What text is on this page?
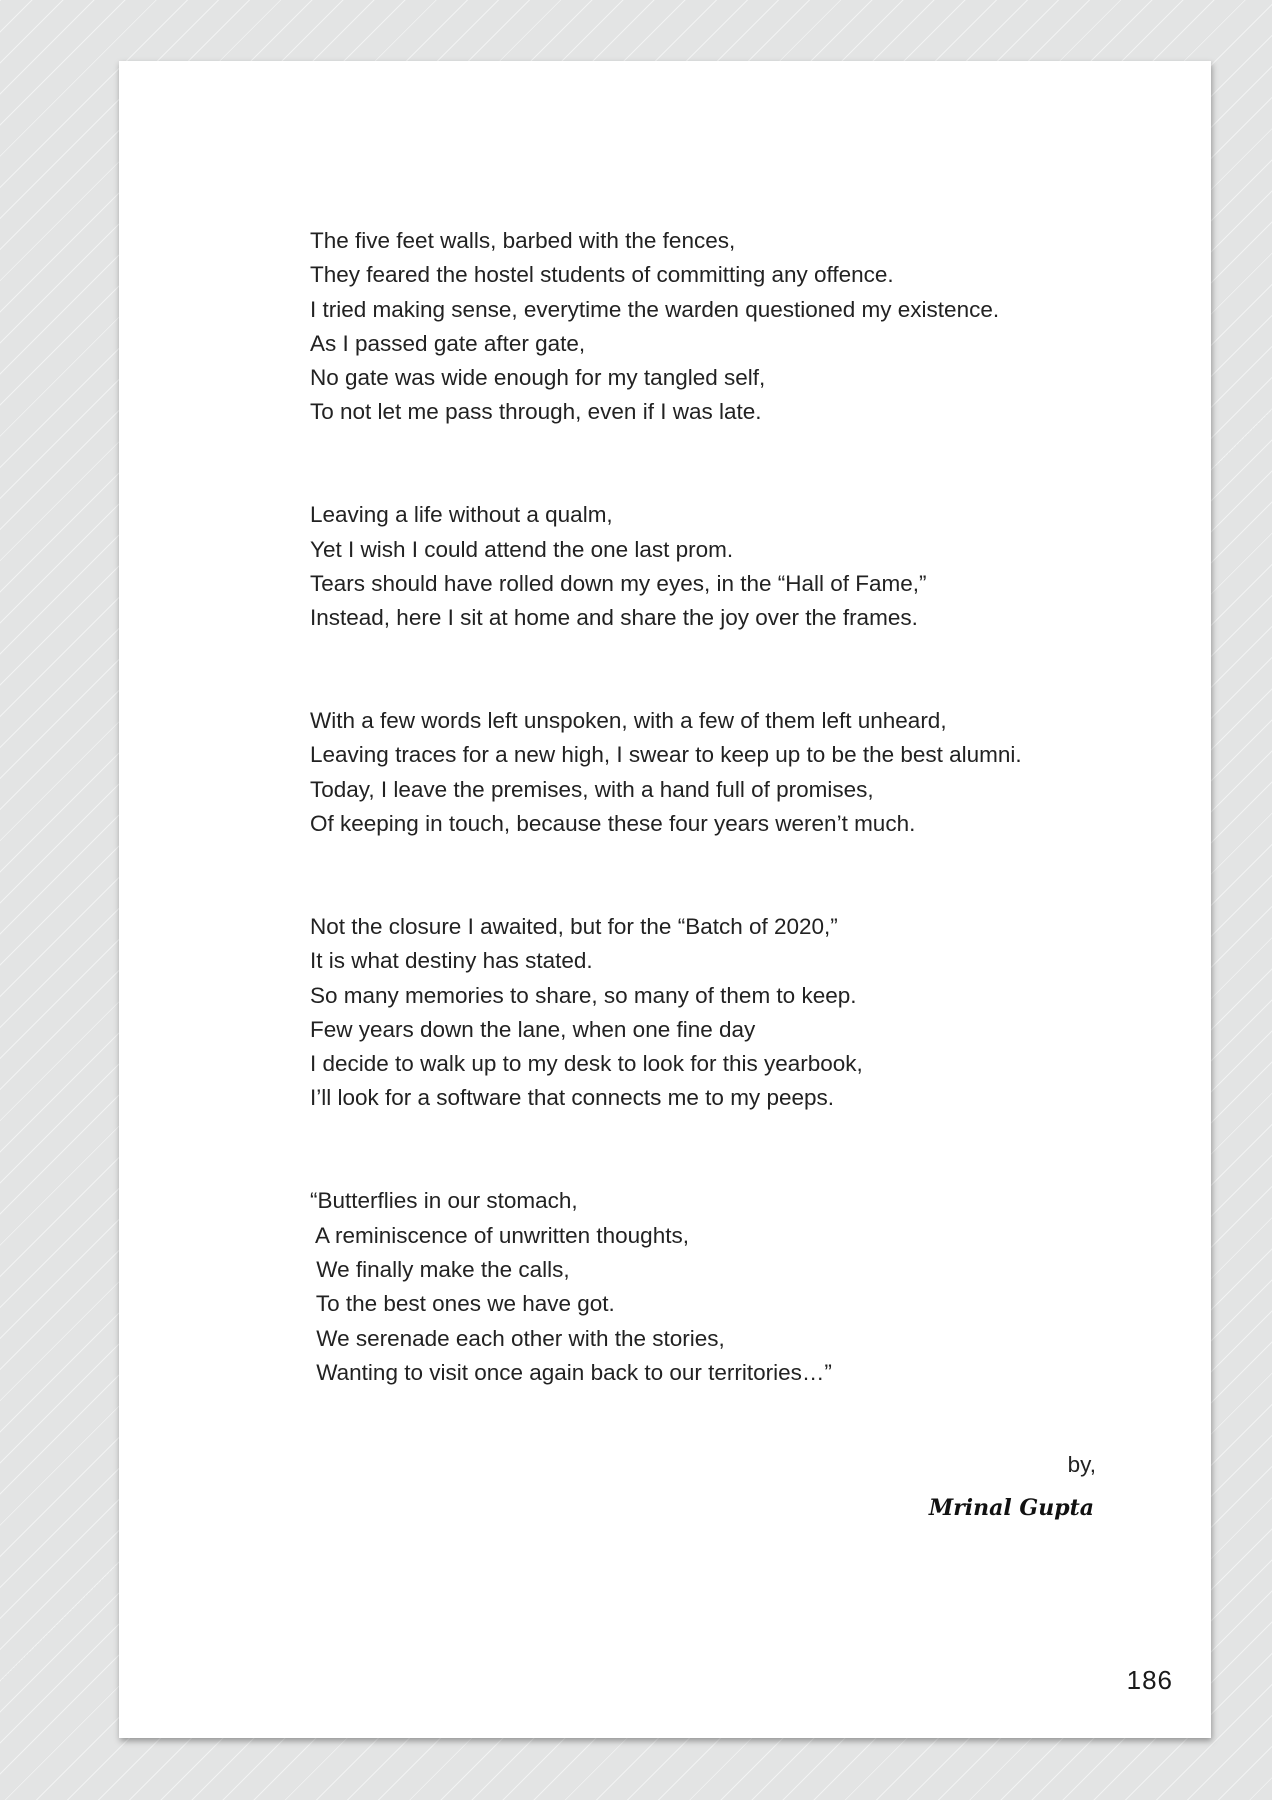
The five feet walls, barbed with the fences,
They feared the hostel students of committing any offence.
I tried making sense, everytime the warden questioned my existence.
As I passed gate after gate,
No gate was wide enough for my tangled self,
To not let me pass through, even if I was late.
Leaving a life without a qualm,
Yet I wish I could attend the one last prom.
Tears should have rolled down my eyes, in the “Hall of Fame,”
Instead, here I sit at home and share the joy over the frames.
With a few words left unspoken, with a few of them left unheard,
Leaving traces for a new high, I swear to keep up to be the best alumni.
Today, I leave the premises, with a hand full of promises,
Of keeping in touch, because these four years weren’t much.
Not the closure I awaited, but for the “Batch of 2020,”
It is what destiny has stated.
So many memories to share, so many of them to keep.
Few years down the lane, when one fine day
I decide to walk up to my desk to look for this yearbook,
I’ll look for a software that connects me to my peeps.
“Butterflies in our stomach,
A reminiscence of unwritten thoughts,
We finally make the calls,
To the best ones we have got.
We serenade each other with the stories,
Wanting to visit once again back to our territories…”
by,
Mrinal Gupta
186
